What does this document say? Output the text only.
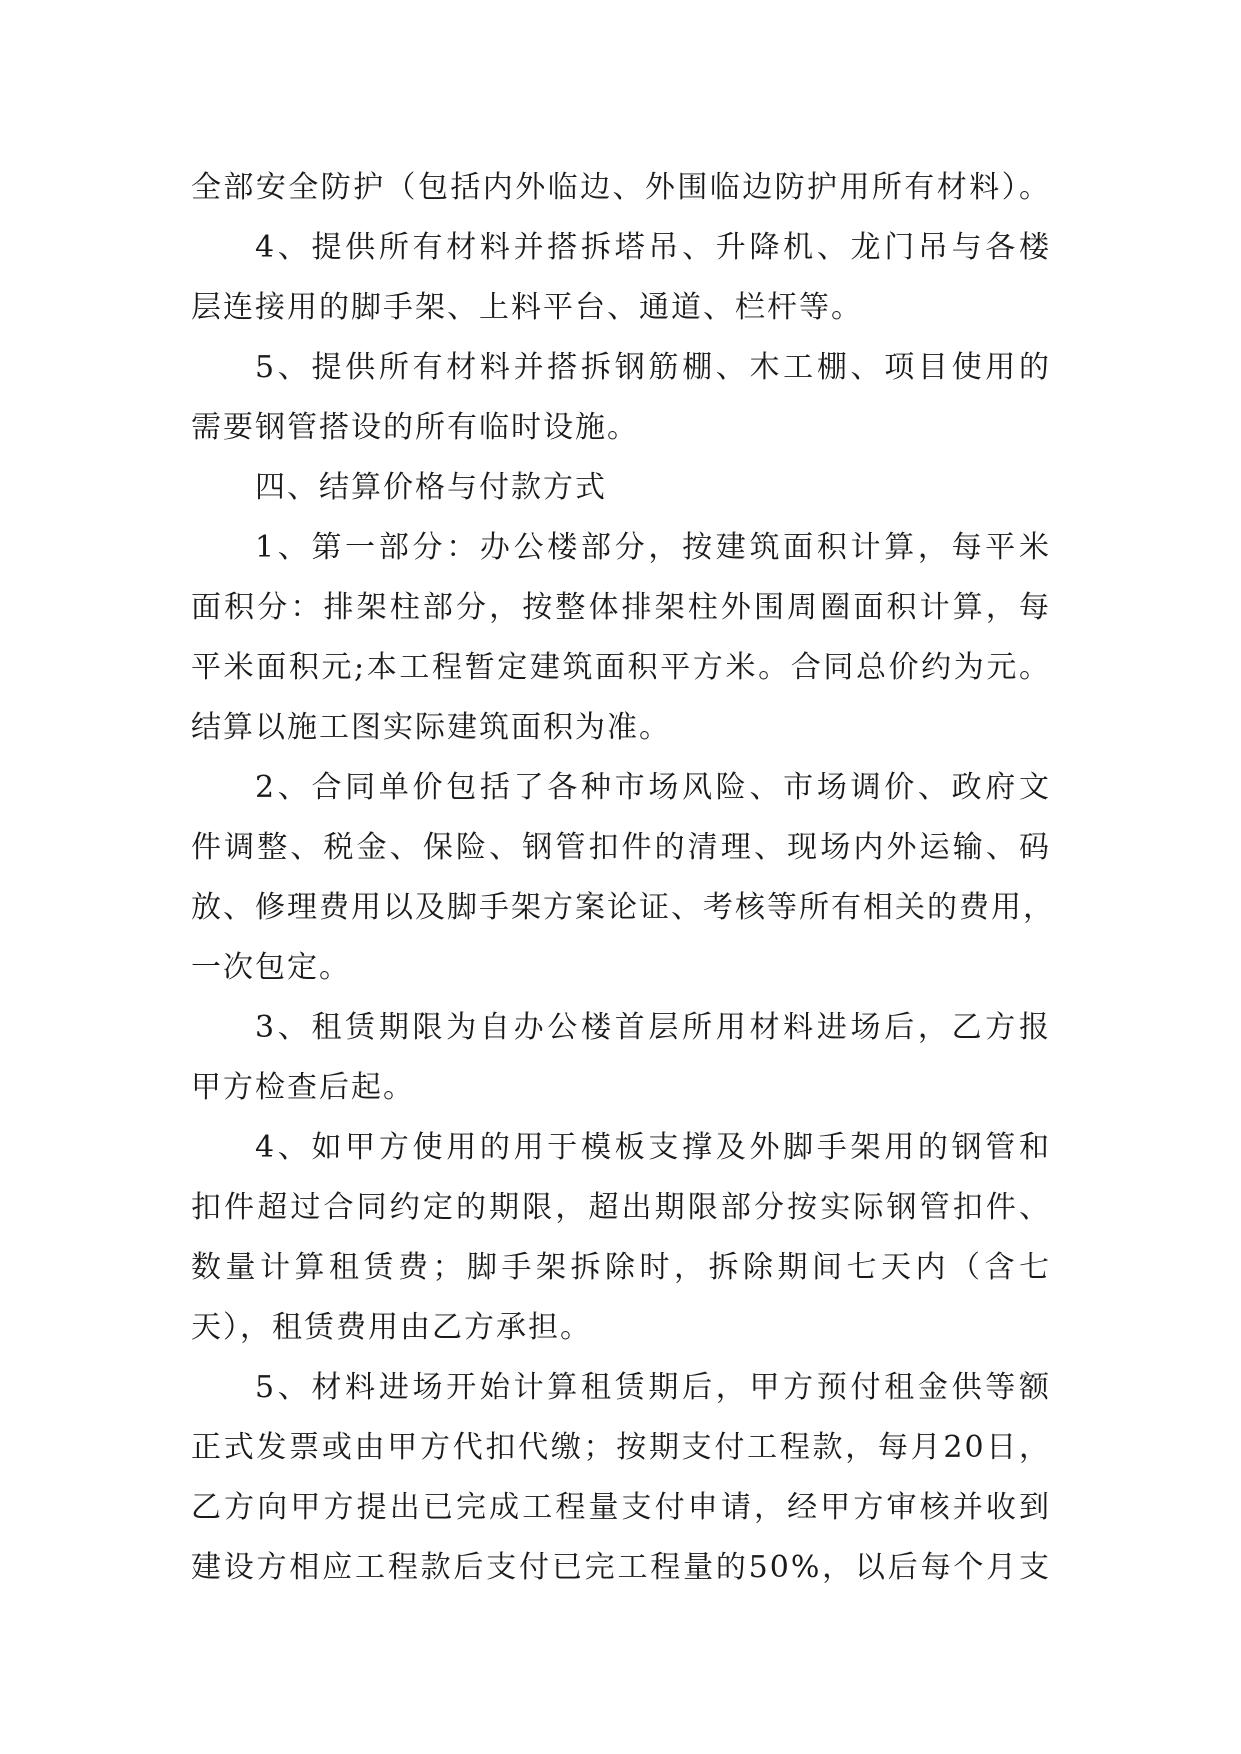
全部安全防护（包括内外临边、外围临边防护用所有材料）。
4、提供所有材料并搭拆塔吊、升降机、龙门吊与各楼
层连接用的脚手架、上料平台、通道、栏杆等。
5、提供所有材料并搭拆钢筋棚、木工棚、项目使用的
需要钢管搭设的所有临时设施。
四、结算价格与付款方式
1、第一部分：办公楼部分，按建筑面积计算，每平米
面积分：排架柱部分，按整体排架柱外围周圈面积计算，每
平米面积元;本工程暂定建筑面积平方米。合同总价约为元。
结算以施工图实际建筑面积为准。
2、合同单价包括了各种市场风险、市场调价、政府文
件调整、税金、保险、钢管扣件的清理、现场内外运输、码
放、修理费用以及脚手架方案论证、考核等所有相关的费用，
一次包定。
3、租赁期限为自办公楼首层所用材料进场后，乙方报
甲方检查后起。
4、如甲方使用的用于模板支撑及外脚手架用的钢管和
扣件超过合同约定的期限，超出期限部分按实际钢管扣件、
数量计算租赁费；脚手架拆除时，拆除期间七天内（含七
天），租赁费用由乙方承担。
5、材料进场开始计算租赁期后，甲方预付租金供等额
正式发票或由甲方代扣代缴；按期支付工程款，每月20日，
乙方向甲方提出已完成工程量支付申请，经甲方审核并收到
建设方相应工程款后支付已完工程量的50%，以后每个月支
